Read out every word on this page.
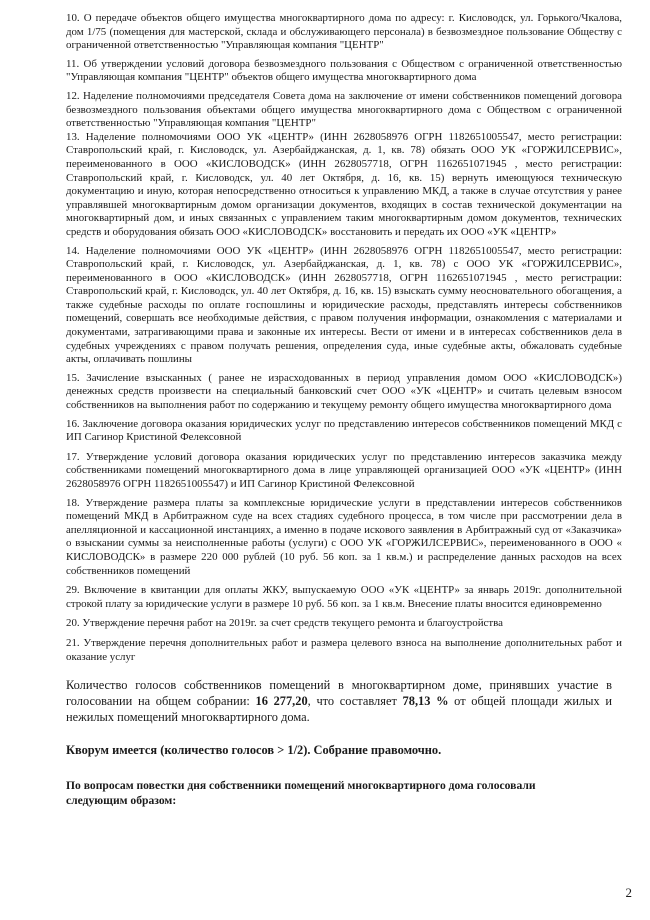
10. О передаче объектов общего имущества многоквартирного дома по адресу: г. Кисловодск, ул. Горького/Чкалова, дом 1/75 (помещения для мастерской, склада и обслуживающего персонала) в безвозмездное пользование Обществу с ограниченной ответственностью "Управляющая компания "ЦЕНТР"

11. Об утверждении условий договора безвозмездного пользования с Обществом с ограниченной ответственностью "Управляющая компания "ЦЕНТР" объектов общего имущества многоквартирного дома

12. Наделение полномочиями председателя Совета дома на заключение от имени собственников помещений договора безвозмездного пользования объектами общего имущества многоквартирного дома с Обществом с ограниченной ответственностью "Управляющая компания "ЦЕНТР"

13. Наделение полномочиями ООО УК «ЦЕНТР» (ИНН 2628058976 ОГРН 1182651005547, место регистрации: Ставропольский край, г. Кисловодск, ул. Азербайджанская, д. 1, кв. 78) обязать ООО УК «ГОРЖИЛСЕРВИС», переименованного в ООО «КИСЛОВОДСК» (ИНН 2628057718, ОГРН 1162651071945 , место регистрации: Ставропольский край, г. Кисловодск, ул. 40 лет Октября, д. 16, кв. 15) вернуть имеющуюся техническую документацию и иную, которая непосредственно относиться к управлению МКД, а также в случае отсутствия у ранее управлявшей многоквартирным домом организации документов, входящих в состав технической документации на многоквартирный дом, и иных связанных с управлением таким многоквартирным домом документов, технических средств и оборудования обязать ООО «КИСЛОВОДСК» восстановить и передать их ООО «УК «ЦЕНТР»

14. Наделение полномочиями ООО УК «ЦЕНТР» (ИНН 2628058976 ОГРН 1182651005547, место регистрации: Ставропольский край, г. Кисловодск, ул. Азербайджанская, д. 1, кв. 78) с ООО УК «ГОРЖИЛСЕРВИС», переименованного в ООО «КИСЛОВОДСК» (ИНН 2628057718, ОГРН 1162651071945 , место регистрации: Ставропольский край, г. Кисловодск, ул. 40 лет Октября, д. 16, кв. 15) взыскать сумму неосновательного обогащения, а также судебные расходы по оплате госпошлины и юридические расходы, представлять интересы собственников помещений, совершать все необходимые действия, с правом получения информации, ознакомления с материалами и документами, затрагивающими права и законные их интересы. Вести от имени и в интересах собственников дела в судебных учреждениях с правом получать решения, определения суда, иные судебные акты, обжаловать судебные акты, оплачивать пошлины

15. Зачисление взысканных ( ранее не израсходованных в период управления домом ООО «КИСЛОВОДСК») денежных средств произвести на специальный банковский счет ООО «УК «ЦЕНТР» и считать целевым взносом собственников на выполнения работ по содержанию и текущему ремонту общего имущества многоквартирного дома

16. Заключение договора оказания юридических услуг по представлению интересов собственников помещений МКД с ИП Сагинор Кристиной Фелексовной

17. Утверждение условий договора оказания юридических услуг по представлению интересов заказчика между собственниками помещений многоквартирного дома в лице управляющей организацией ООО «УК «ЦЕНТР» (ИНН 2628058976 ОГРН 1182651005547) и ИП Сагинор Кристиной Фелексовной

18. Утверждение размера платы за комплексные юридические услуги в представлении интересов собственников помещений МКД в Арбитражном суде на всех стадиях судебного процесса, в том числе при рассмотрении дела в апелляционной и кассационной инстанциях, а именно в подаче искового заявления в Арбитражный суд от «Заказчика» о взыскании суммы за неисполненные работы (услуги) с ООО УК «ГОРЖИЛСЕРВИС», переименованного в ООО « КИСЛОВОДСК» в размере 220 000 рублей (10 руб. 56 коп. за 1 кв.м.) и распределение данных расходов на всех собственников помещений

29. Включение в квитанции для оплаты ЖКУ, выпускаемую ООО «УК «ЦЕНТР» за январь 2019г. дополнительной строкой плату за юридические услуги в размере 10 руб. 56 коп. за 1 кв.м. Внесение платы вносится единовременно

20. Утверждение перечня работ на 2019г. за счет средств текущего ремонта и благоустройства

21. Утверждение перечня дополнительных работ и размера целевого взноса на выполнение дополнительных работ и оказание услуг

Количество голосов собственников помещений в многоквартирном доме, принявших участие в голосовании на общем собрании: 16 277,20, что составляет 78,13 % от общей площади жилых и нежилых помещений многоквартирного дома.

Кворум имеется (количество голосов > 1/2). Собрание правомочно.

По вопросам повестки дня собственники помещений многоквартирного дома голосовали следующим образом:

2
